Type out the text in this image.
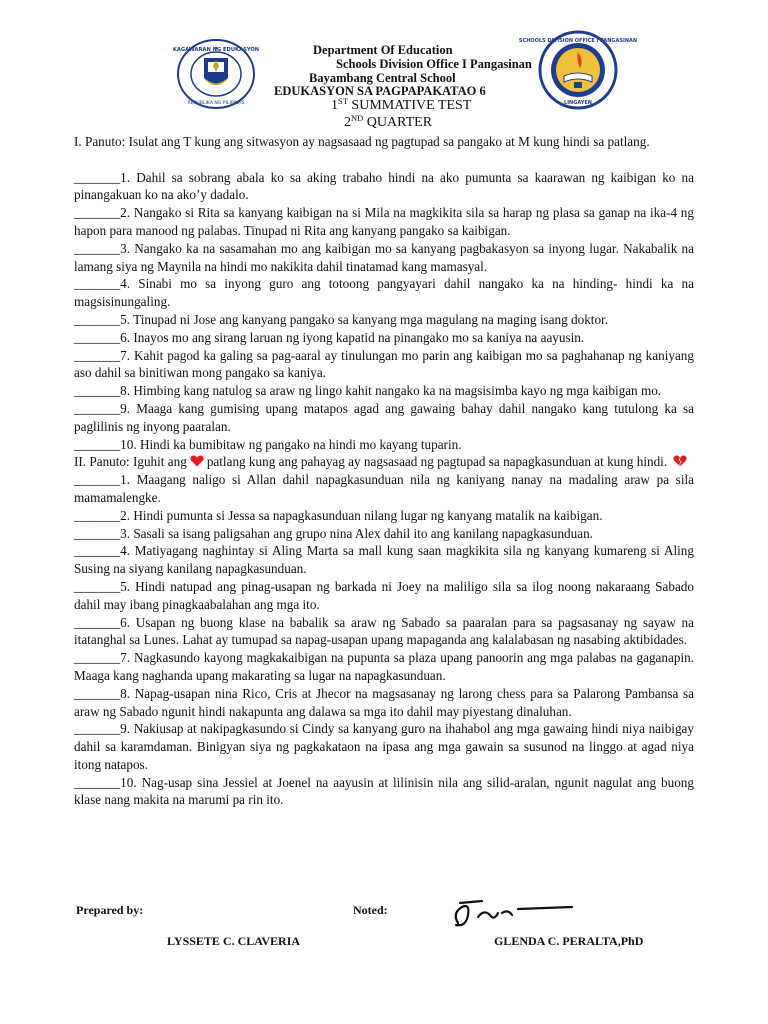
KAGAWARAN NG EDUKASYON
REPUBLIKA NG PILIPINAS
SCHOOLS DIVISION OFFICE I PANGASINAN
LINGAYEN
Department Of Education
Schools Division Office I Pangasinan
Bayambang Central School
EDUKASYON SA PAGPAPAKATAO 6
1ST SUMMATIVE TEST
2ND QUARTER

I. Panuto: Isulat ang T kung ang sitwasyon ay nagsasaad ng pagtupad sa pangako at M kung hindi sa patlang.

_______1. Dahil sa sobrang abala ko sa aking trabaho hindi na ako pumunta sa kaarawan ng kaibigan ko na pinangakuan ko na ako’y dadalo.

_______2. Nangako si Rita sa kanyang kaibigan na si Mila na magkikita sila sa harap ng plasa sa ganap na ika-4 ng hapon para manood ng palabas. Tinupad ni Rita ang kanyang pangako sa kaibigan.

_______3. Nangako ka na sasamahan mo ang kaibigan mo sa kanyang pagbakasyon sa inyong lugar. Nakabalik na lamang siya ng Maynila na hindi mo nakikita dahil tinatamad kang mamasyal.

_______4. Sinabi mo sa inyong guro ang totoong pangyayari dahil nangako ka na hinding- hindi ka na magsisinungaling.

_______5. Tinupad ni Jose ang kanyang pangako sa kanyang mga magulang na maging isang doktor.

_______6. Inayos mo ang sirang laruan ng iyong kapatid na pinangako mo sa kaniya na aayusin.

_______7. Kahit pagod ka galing sa pag-aaral ay tinulungan mo parin ang kaibigan mo sa paghahanap ng kaniyang aso dahil sa binitiwan mong pangako sa kaniya.

_______8. Himbing kang natulog sa araw ng lingo kahit nangako ka na magsisimba kayo ng mga kaibigan mo.

_______9. Maaga kang gumising upang matapos agad ang gawaing bahay dahil nangako kang tutulong ka sa paglilinis ng inyong paaralan.

_______10. Hindi ka bumibitaw ng pangako na hindi mo kayang tuparin.

II. Panuto: Iguhit ang patlang kung ang pahayag ay nagsasaad ng pagtupad sa napagkasunduan at kung hindi.

_______1. Maagang naligo si Allan dahil napagkasunduan nila ng kaniyang nanay na madaling araw pa sila mamamalengke.

_______2. Hindi pumunta si Jessa sa napagkasunduan nilang lugar ng kanyang matalik na kaibigan.

_______3. Sasali sa isang paligsahan ang grupo nina Alex dahil ito ang kanilang napagkasunduan.

_______4. Matiyagang naghintay si Aling Marta sa mall kung saan magkikita sila ng kanyang kumareng si Aling Susing na siyang kanilang napagkasunduan.

_______5. Hindi natupad ang pinag-usapan ng barkada ni Joey na maliligo sila sa ilog noong nakaraang Sabado dahil may ibang pinagkaabalahan ang mga ito.

_______6. Usapan ng buong klase na babalik sa araw ng Sabado sa paaralan para sa pagsasanay ng sayaw na itatanghal sa Lunes. Lahat ay tumupad sa napag-usapan upang mapaganda ang kalalabasan ng nasabing aktibidades.

_______7. Nagkasundo kayong magkakaibigan na pupunta sa plaza upang panoorin ang mga palabas na gaganapin. Maaga kang naghanda upang makarating sa lugar na napagkasunduan.

_______8. Napag-usapan nina Rico, Cris at Jhecor na magsasanay ng larong chess para sa Palarong Pambansa sa araw ng Sabado ngunit hindi nakapunta ang dalawa sa mga ito dahil may piyestang dinaluhan.

_______9. Nakiusap at nakipagkasundo si Cindy sa kanyang guro na ihahabol ang mga gawaing hindi niya naibigay dahil sa karamdaman. Binigyan siya ng pagkakataon na ipasa ang mga gawain sa susunod na linggo at agad niya itong natapos.

_______10. Nag-usap sina Jessiel at Joenel na aayusin at lilinisin nila ang silid-aralan, ngunit nagulat ang buong klase nang makita na marumi pa rin ito.

Prepared by:	Noted:
LYSSETE C. CLAVERIA	GLENDA C. PERALTA,PhD
